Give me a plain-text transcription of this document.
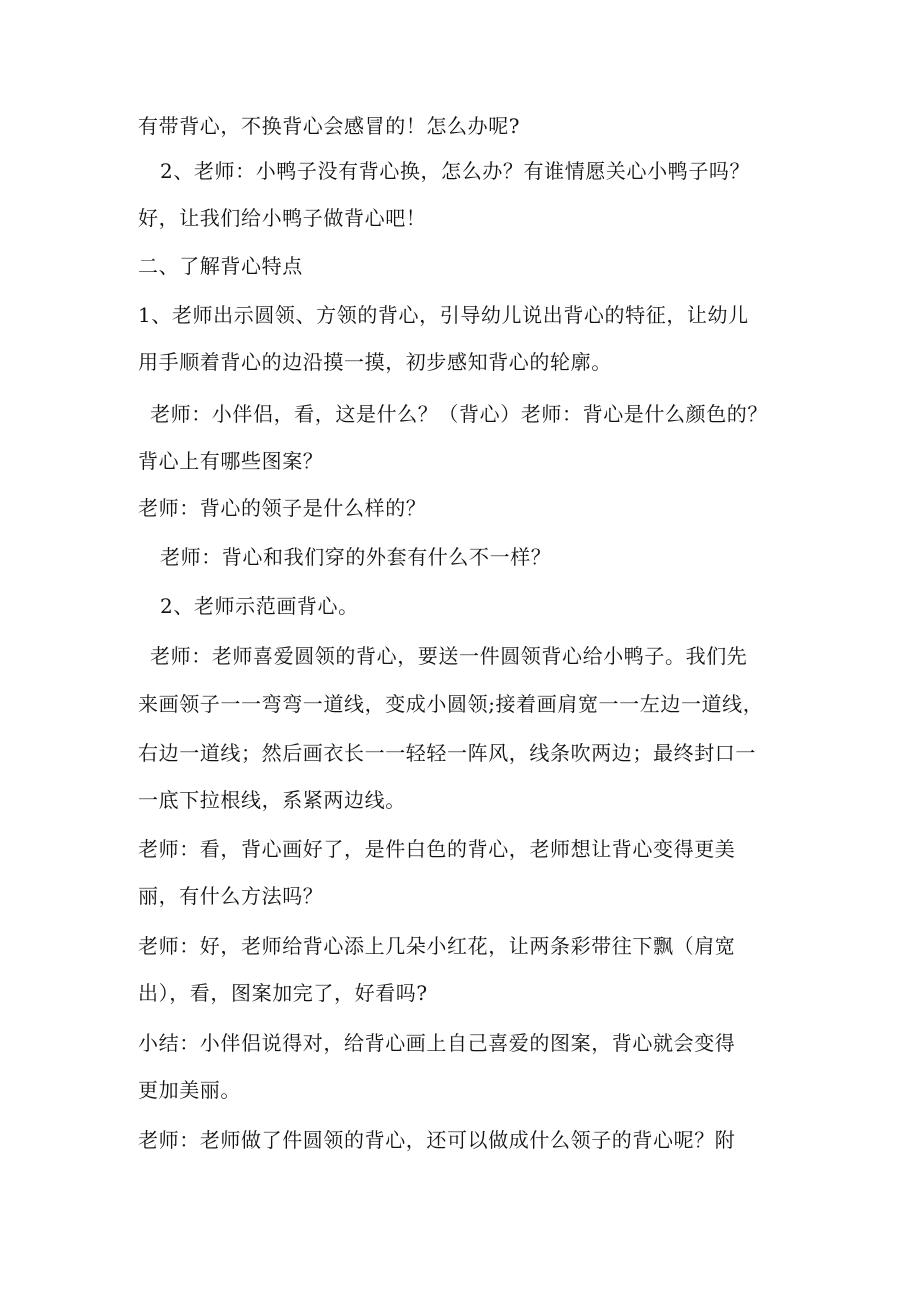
有带背心，不换背心会感冒的！怎么办呢?
2、老师：小鸭子没有背心换，怎么办？有谁情愿关心小鸭子吗？
好，让我们给小鸭子做背心吧！
二、了解背心特点
1、老师出示圆领、方领的背心，引导幼儿说出背心的特征，让幼儿
用手顺着背心的边沿摸一摸，初步感知背心的轮廓。
老师：小伴侣，看，这是什么？（背心）老师：背心是什么颜色的？
背心上有哪些图案？
老师：背心的领子是什么样的？
老师：背心和我们穿的外套有什么不一样？
2、老师示范画背心。
老师：老师喜爱圆领的背心，要送一件圆领背心给小鸭子。我们先
来画领子一一弯弯一道线，变成小圆领;接着画肩宽一一左边一道线，
右边一道线；然后画衣长一一轻轻一阵风，线条吹两边；最终封口一
一底下拉根线，系紧两边线。
老师：看，背心画好了，是件白色的背心，老师想让背心变得更美
丽，有什么方法吗？
老师：好，老师给背心添上几朵小红花，让两条彩带往下飘（肩宽
出），看，图案加完了，好看吗?
小结：小伴侣说得对，给背心画上自己喜爱的图案，背心就会变得
更加美丽。
老师：老师做了件圆领的背心，还可以做成什么领子的背心呢？附
